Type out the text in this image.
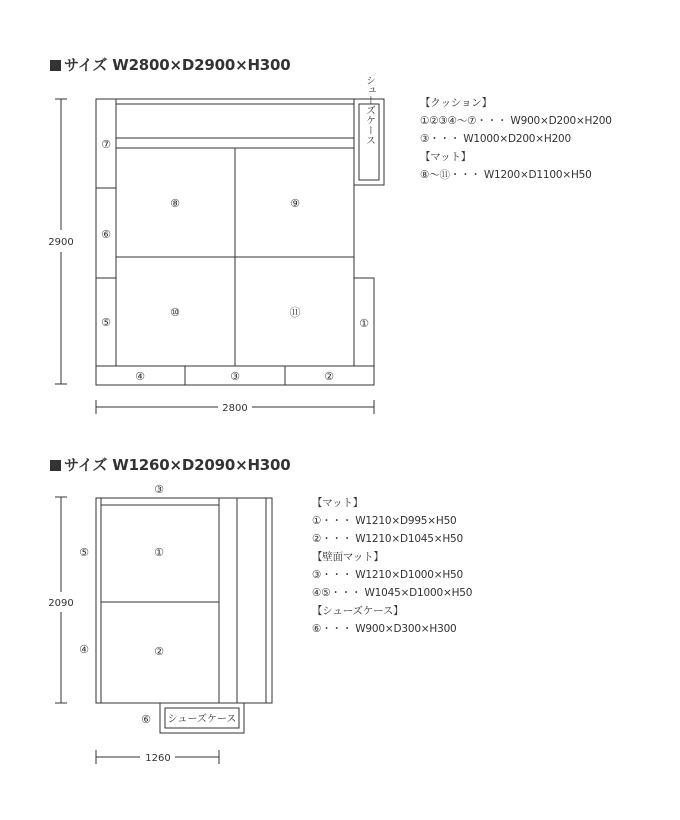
サイズ W2800×D2900×H300
サイズ W1260×D2090×H300
2900
2800
⑦
⑥
⑤
⑧	⑨
⑩	⑪
①
④	③	②
シューズケース
2090
1260
③
⑤
④
①
②
⑥ シューズケース
【クッション】
①②③④～⑦・・・ W900×D200×H200
③・・・ W1000×D200×H200
【マット】
⑧～⑪・・・ W1200×D1100×H50
【マット】
①・・・ W1210×D995×H50
②・・・ W1210×D1045×H50
【壁面マット】
③・・・ W1210×D1000×H50
④⑤・・・ W1045×D1000×H50
【シューズケース】
⑥・・・ W900×D300×H300
